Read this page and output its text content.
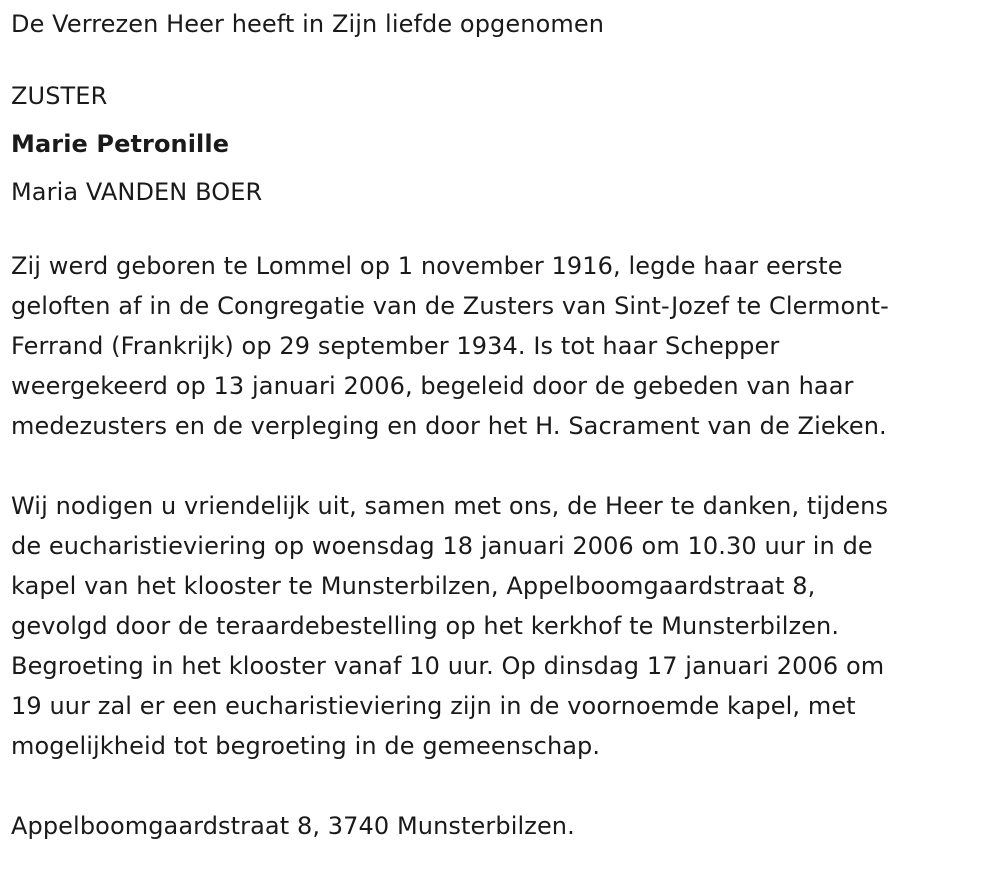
De Verrezen Heer heeft in Zijn liefde opgenomen

ZUSTER

Marie Petronille

Maria VANDEN BOER

Zij werd geboren te Lommel op 1 november 1916, legde haar eerste

geloften af in de Congregatie van de Zusters van Sint-Jozef te Clermont-

Ferrand (Frankrijk) op 29 september 1934. Is tot haar Schepper

weergekeerd op 13 januari 2006, begeleid door de gebeden van haar

medezusters en de verpleging en door het H. Sacrament van de Zieken.

Wij nodigen u vriendelijk uit, samen met ons, de Heer te danken, tijdens

de eucharistieviering op woensdag 18 januari 2006 om 10.30 uur in de

kapel van het klooster te Munsterbilzen, Appelboomgaardstraat 8,

gevolgd door de teraardebestelling op het kerkhof te Munsterbilzen.

Begroeting in het klooster vanaf 10 uur. Op dinsdag 17 januari 2006 om

19 uur zal er een eucharistieviering zijn in de voornoemde kapel, met

mogelijkheid tot begroeting in de gemeenschap.

Appelboomgaardstraat 8, 3740 Munsterbilzen.
